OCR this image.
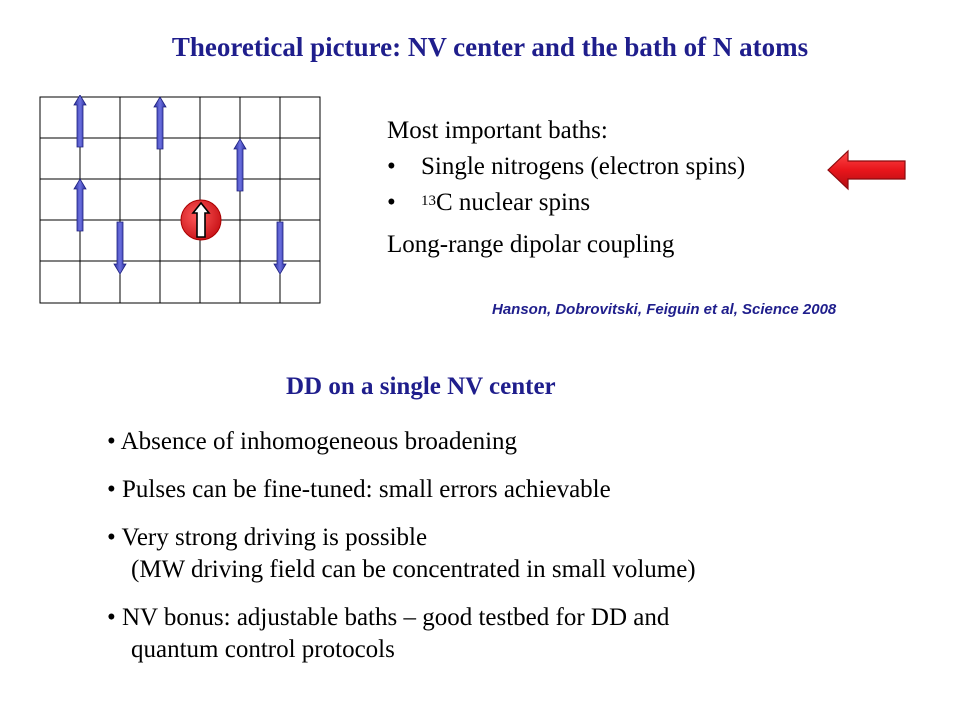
Theoretical picture: NV center and the bath of N atoms
Most important baths:
• Single nitrogens (electron spins)
• $^{13}$C nuclear spins
Long-range dipolar coupling
Hanson, Dobrovitski, Feiguin et al, Science 2008
DD on a single NV center
• Absence of inhomogeneous broadening
• Pulses can be fine-tuned: small errors achievable
• Very strong driving is possible
(MW driving field can be concentrated in small volume)
• NV bonus: adjustable baths – good testbed for DD and
quantum control protocols
